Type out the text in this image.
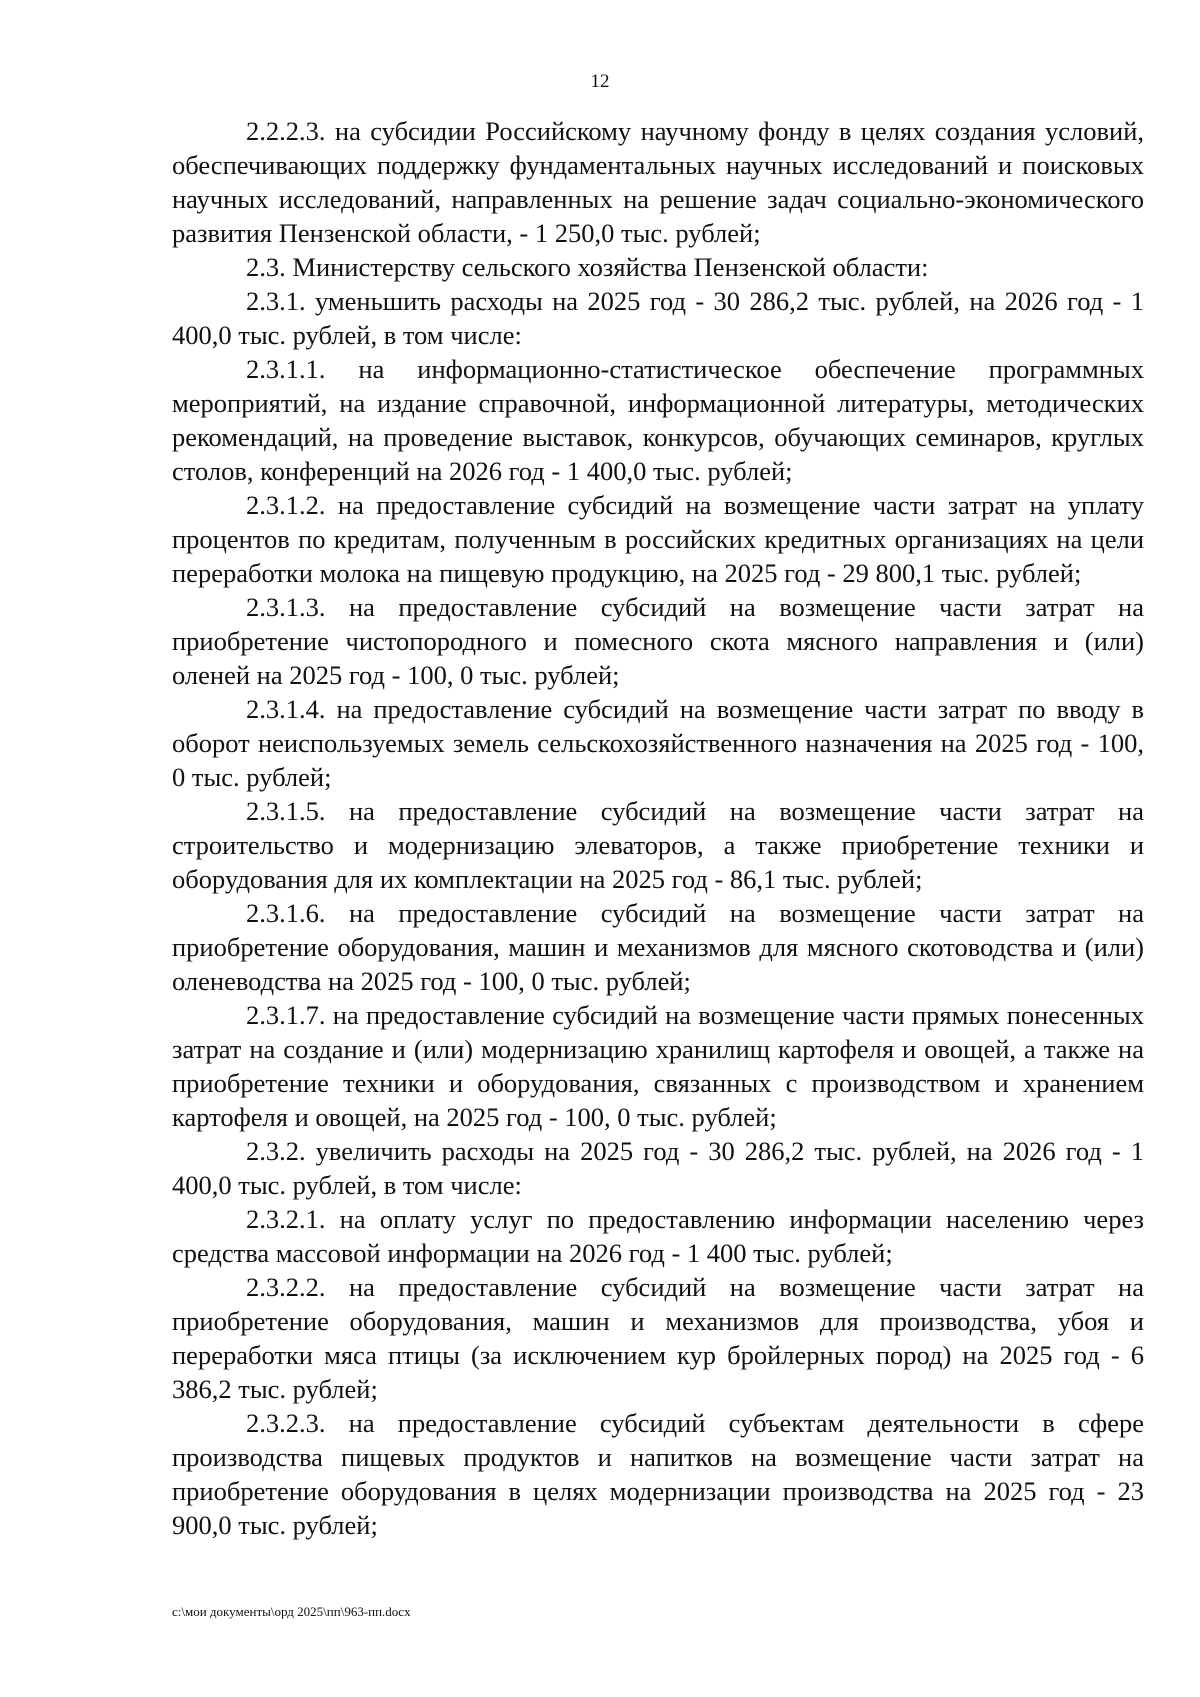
12

2.2.2.3. на субсидии Российскому научному фонду в целях создания условий, обеспечивающих поддержку фундаментальных научных исследований и поисковых научных исследований, направленных на решение задач социально-экономического развития Пензенской области, - 1 250,0 тыс. рублей;

2.3. Министерству сельского хозяйства Пензенской области:

2.3.1. уменьшить расходы на 2025 год - 30 286,2 тыс. рублей, на 2026 год - 1 400,0 тыс. рублей, в том числе:

2.3.1.1. на информационно-статистическое обеспечение программных мероприятий, на издание справочной, информационной литературы, методических рекомендаций, на проведение выставок, конкурсов, обучающих семинаров, круглых столов, конференций на 2026 год - 1 400,0 тыс. рублей;

2.3.1.2. на предоставление субсидий на возмещение части затрат на уплату процентов по кредитам, полученным в российских кредитных организациях на цели переработки молока на пищевую продукцию, на 2025 год - 29 800,1 тыс. рублей;

2.3.1.3. на предоставление субсидий на возмещение части затрат на приобретение чистопородного и помесного скота мясного направления и (или) оленей на 2025 год - 100, 0 тыс. рублей;

2.3.1.4. на предоставление субсидий на возмещение части затрат по вводу в оборот неиспользуемых земель сельскохозяйственного назначения на 2025 год - 100, 0 тыс. рублей;

2.3.1.5. на предоставление субсидий на возмещение части затрат на строительство и модернизацию элеваторов, а также приобретение техники и оборудования для их комплектации на 2025 год - 86,1 тыс. рублей;

2.3.1.6. на предоставление субсидий на возмещение части затрат на приобретение оборудования, машин и механизмов для мясного скотоводства и (или) оленеводства на 2025 год - 100, 0 тыс. рублей;

2.3.1.7. на предоставление субсидий на возмещение части прямых понесенных затрат на создание и (или) модернизацию хранилищ картофеля и овощей, а также на приобретение техники и оборудования, связанных с производством и хранением картофеля и овощей, на 2025 год - 100, 0 тыс. рублей;

2.3.2. увеличить расходы на 2025 год - 30 286,2 тыс. рублей, на 2026 год - 1 400,0 тыс. рублей, в том числе:

2.3.2.1. на оплату услуг по предоставлению информации населению через средства массовой информации на 2026 год - 1 400 тыс. рублей;

2.3.2.2. на предоставление субсидий на возмещение части затрат на приобретение оборудования, машин и механизмов для производства, убоя и переработки мяса птицы (за исключением кур бройлерных пород) на 2025 год - 6 386,2 тыс. рублей;

2.3.2.3. на предоставление субсидий субъектам деятельности в сфере производства пищевых продуктов и напитков на возмещение части затрат на приобретение оборудования в целях модернизации производства на 2025 год - 23 900,0 тыс. рублей;

c:\мои документы\орд 2025\пп\963-пп.docx
